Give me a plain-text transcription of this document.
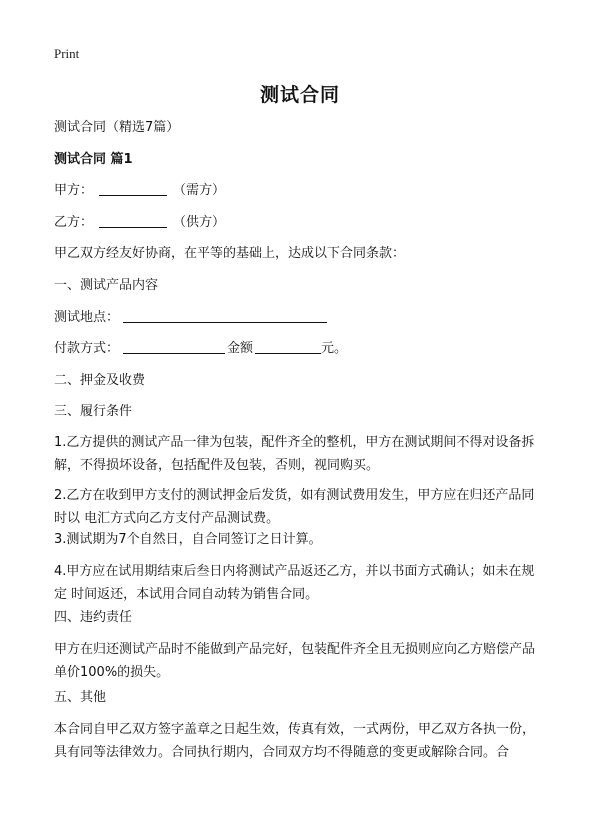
Print
测试合同
测试合同（精选7篇）
测试合同 篇1
甲方：	（需方）
乙方：	（供方）
甲乙双方经友好协商，在平等的基础上，达成以下合同条款：
一、测试产品内容
测试地点：
付款方式：	金额	元。
二、押金及收费
三、履行条件
1.乙方提供的测试产品一律为包装，配件齐全的整机，甲方在测试期间不得对设备拆解，不得损坏设备，包括配件及包装，否则，视同购买。
2.乙方在收到甲方支付的测试押金后发货，如有测试费用发生，甲方应在归还产品同时以 电汇方式向乙方支付产品测试费。
3.测试期为7个自然日，自合同签订之日计算。
4.甲方应在试用期结束后叁日内将测试产品返还乙方，并以书面方式确认；如未在规定 时间返还，本试用合同自动转为销售合同。
四、违约责任
甲方在归还测试产品时不能做到产品完好，包装配件齐全且无损则应向乙方赔偿产品单价100%的损失。
五、其他
本合同自甲乙双方签字盖章之日起生效，传真有效，一式两份，甲乙双方各执一份，具有同等法律效力。合同执行期内，合同双方均不得随意的变更或解除合同。合
